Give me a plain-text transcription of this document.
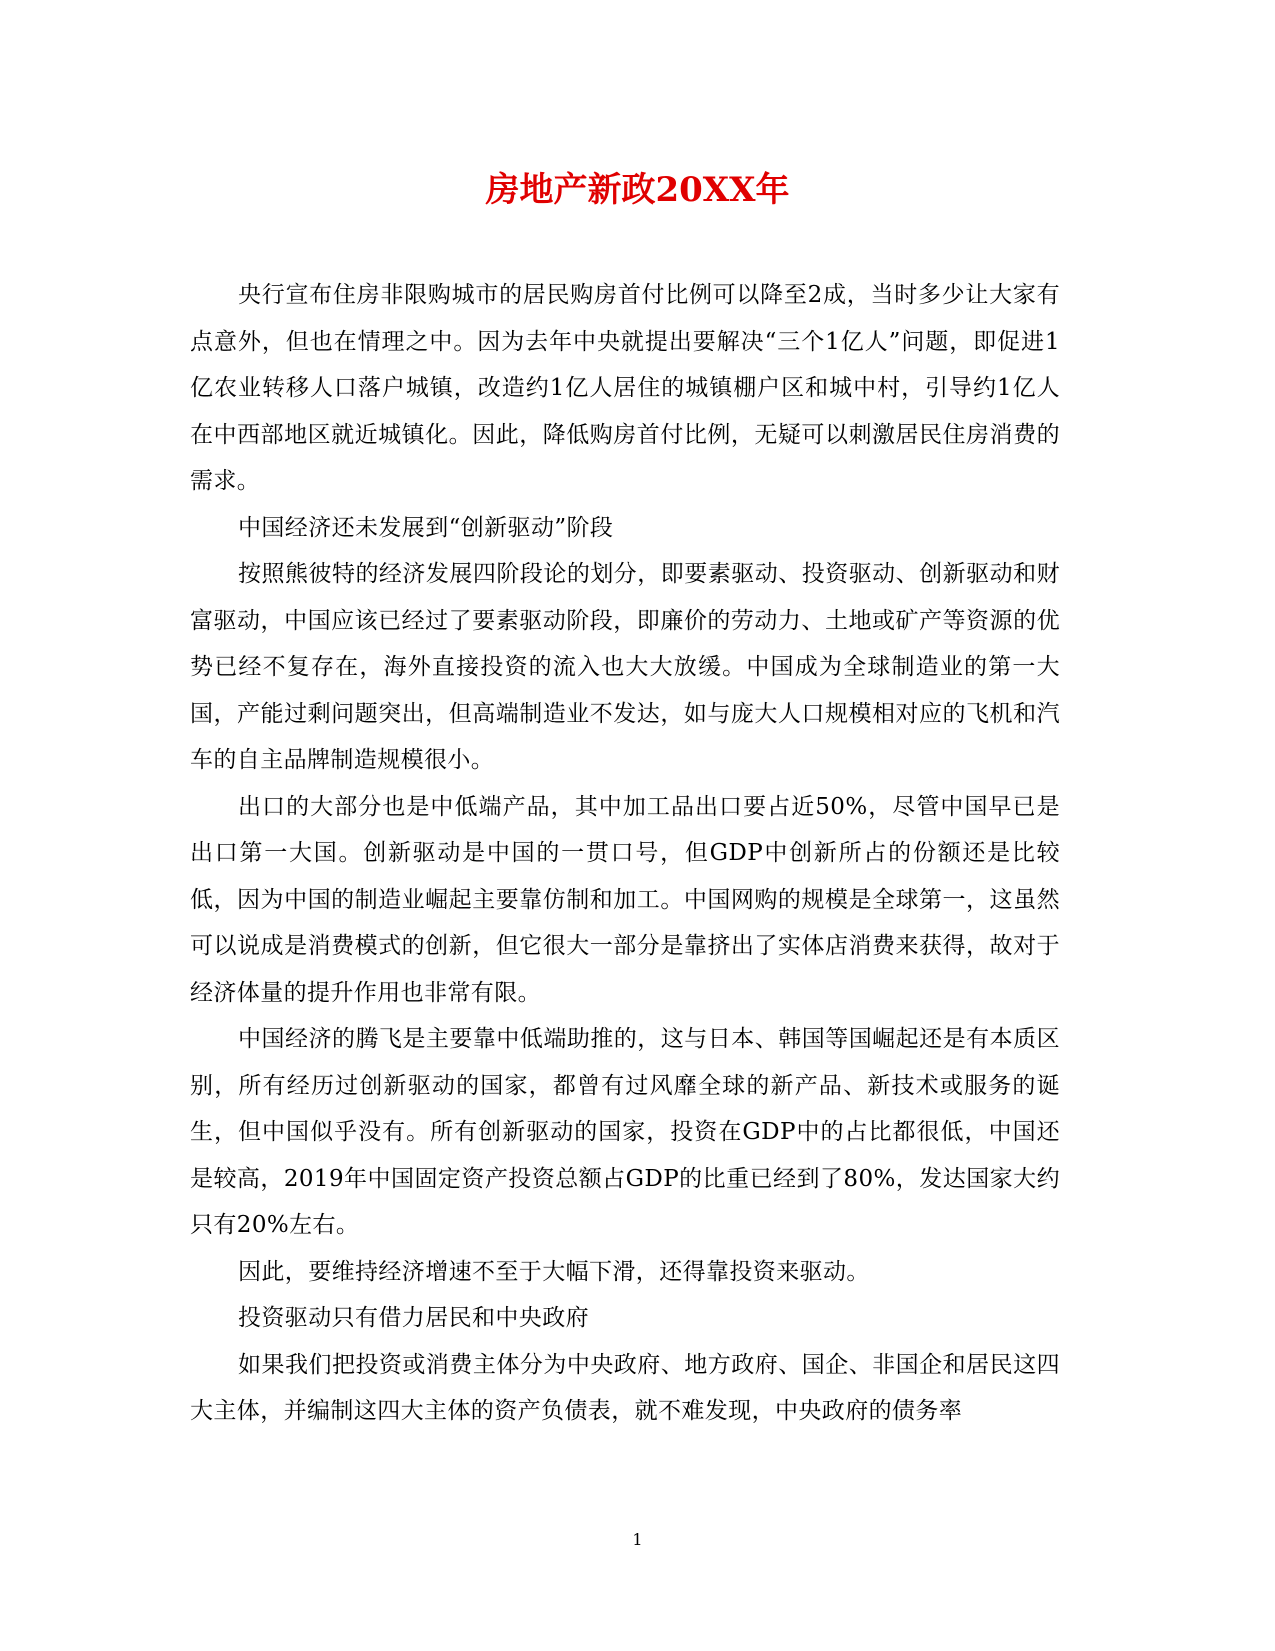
房地产新政20XX年

央行宣布住房非限购城市的居民购房首付比例可以降至2成，当时多少让大家有点意外，但也在情理之中。因为去年中央就提出要解决“三个1亿人”问题，即促进1亿农业转移人口落户城镇，改造约1亿人居住的城镇棚户区和城中村，引导约1亿人在中西部地区就近城镇化。因此，降低购房首付比例，无疑可以刺激居民住房消费的需求。

中国经济还未发展到“创新驱动”阶段

按照熊彼特的经济发展四阶段论的划分，即要素驱动、投资驱动、创新驱动和财富驱动，中国应该已经过了要素驱动阶段，即廉价的劳动力、土地或矿产等资源的优势已经不复存在，海外直接投资的流入也大大放缓。中国成为全球制造业的第一大国，产能过剩问题突出，但高端制造业不发达，如与庞大人口规模相对应的飞机和汽车的自主品牌制造规模很小。

出口的大部分也是中低端产品，其中加工品出口要占近50%，尽管中国早已是出口第一大国。创新驱动是中国的一贯口号，但GDP中创新所占的份额还是比较低，因为中国的制造业崛起主要靠仿制和加工。中国网购的规模是全球第一，这虽然可以说成是消费模式的创新，但它很大一部分是靠挤出了实体店消费来获得，故对于经济体量的提升作用也非常有限。

中国经济的腾飞是主要靠中低端助推的，这与日本、韩国等国崛起还是有本质区别，所有经历过创新驱动的国家，都曾有过风靡全球的新产品、新技术或服务的诞生，但中国似乎没有。所有创新驱动的国家，投资在GDP中的占比都很低，中国还是较高，2019年中国固定资产投资总额占GDP的比重已经到了80%，发达国家大约只有20%左右。

因此，要维持经济增速不至于大幅下滑，还得靠投资来驱动。

投资驱动只有借力居民和中央政府

如果我们把投资或消费主体分为中央政府、地方政府、国企、非国企和居民这四大主体，并编制这四大主体的资产负债表，就不难发现，中央政府的债务率

1
